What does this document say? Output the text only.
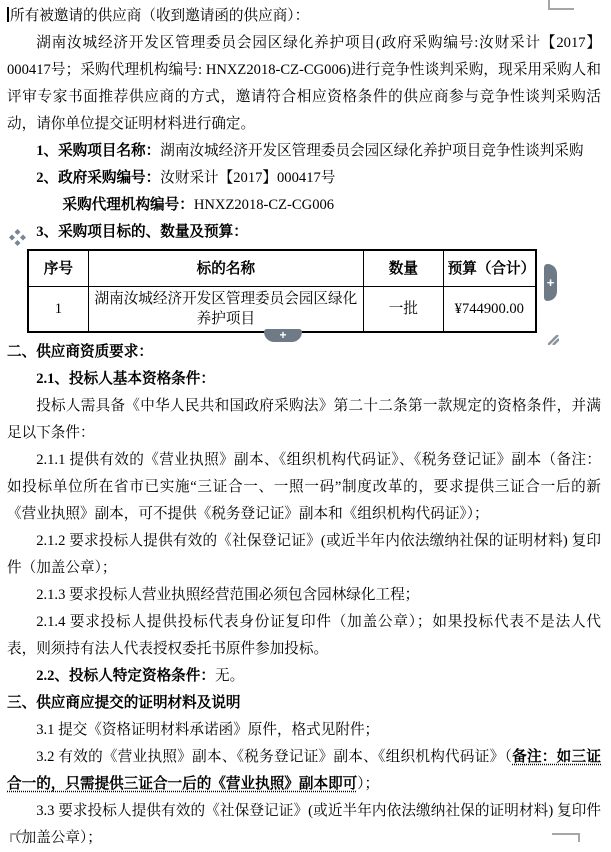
所有被邀请的供应商（收到邀请函的供应商）：

湖南汝城经济开发区管理委员会园区绿化养护项目(政府采购编号:汝财采计【2017】000417号；采购代理机构编号: HNXZ2018-CZ-CG006)进行竞争性谈判采购，现采用采购人和评审专家书面推荐供应商的方式，邀请符合相应资格条件的供应商参与竞争性谈判采购活动，请你单位提交证明材料进行确定。

1、采购项目名称：湖南汝城经济开发区管理委员会园区绿化养护项目竞争性谈判采购

2、政府采购编号：汝财采计【2017】000417号

采购代理机构编号：HNXZ2018-CZ-CG006

3、采购项目标的、数量及预算：

序号	标的名称	数量	预算（合计）
1	湖南汝城经济开发区管理委员会园区绿化养护项目	一批	¥744900.00
+
+

二、供应商资质要求：

2.1、投标人基本资格条件：

投标人需具备《中华人民共和国政府采购法》第二十二条第一款规定的资格条件，并满足以下条件：

2.1.1 提供有效的《营业执照》副本、《组织机构代码证》、《税务登记证》副本（备注：如投标单位所在省市已实施“三证合一、一照一码”制度改革的，要求提供三证合一后的新《营业执照》副本，可不提供《税务登记证》副本和《组织机构代码证》）；

2.1.2 要求投标人提供有效的《社保登记证》(或近半年内依法缴纳社保的证明材料) 复印件（加盖公章）；

2.1.3 要求投标人营业执照经营范围必须包含园林绿化工程；

2.1.4 要求投标人提供投标代表身份证复印件（加盖公章）；如果投标代表不是法人代表，则须持有法人代表授权委托书原件参加投标。

2.2、投标人特定资格条件：无。

三、供应商应提交的证明材料及说明

3.1 提交《资格证明材料承诺函》原件，格式见附件；

3.2 有效的《营业执照》副本、《税务登记证》副本、《组织机构代码证》（备注：如三证合一的，只需提供三证合一后的《营业执照》副本即可）；

3.3 要求投标人提供有效的《社保登记证》(或近半年内依法缴纳社保的证明材料) 复印件（加盖公章）；
